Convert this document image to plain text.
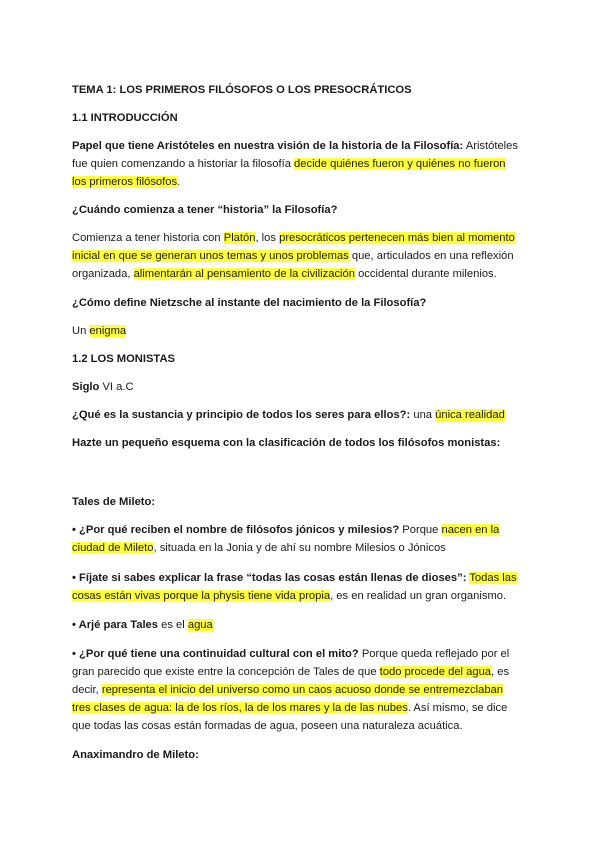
TEMA 1: LOS PRIMEROS FILÓSOFOS O LOS PRESOCRÁTICOS
1.1 INTRODUCCIÓN
Papel que tiene Aristóteles en nuestra visión de la historia de la Filosofía: Aristóteles
fue quien comenzando a historiar la filosofía decide quiénes fueron y quiénes no fueron
los primeros filósofos.
¿Cuándo comienza a tener “historia” la Filosofía?
Comienza a tener historia con Platón, los presocráticos pertenecen más bien al momento
inicial en que se generan unos temas y unos problemas que, articulados en una reflexión
organizada, alimentarán al pensamiento de la civilización occidental durante milenios.
¿Cómo define Nietzsche al instante del nacimiento de la Filosofía?
Un enigma
1.2 LOS MONISTAS
Siglo VI a.C
¿Qué es la sustancia y principio de todos los seres para ellos?: una única realidad
Hazte un pequeño esquema con la clasificación de todos los filósofos monistas:
Tales de Mileto:
• ¿Por qué reciben el nombre de filósofos jónicos y milesios? Porque nacen en la
ciudad de Mileto, situada en la Jonia y de ahí su nombre Milesios o Jónicos
• Fíjate si sabes explicar la frase “todas las cosas están llenas de dioses”: Todas las
cosas están vivas porque la physis tiene vida propia, es en realidad un gran organismo.
• Arjé para Tales es el agua
• ¿Por qué tiene una continuidad cultural con el mito? Porque queda reflejado por el
gran parecido que existe entre la concepción de Tales de que todo procede del agua, es
decir, representa el inicio del universo como un caos acuoso donde se entremezclaban
tres clases de agua: la de los ríos, la de los mares y la de las nubes. Así mismo, se dice
que todas las cosas están formadas de agua, poseen una naturaleza acuática.
Anaximandro de Mileto:
